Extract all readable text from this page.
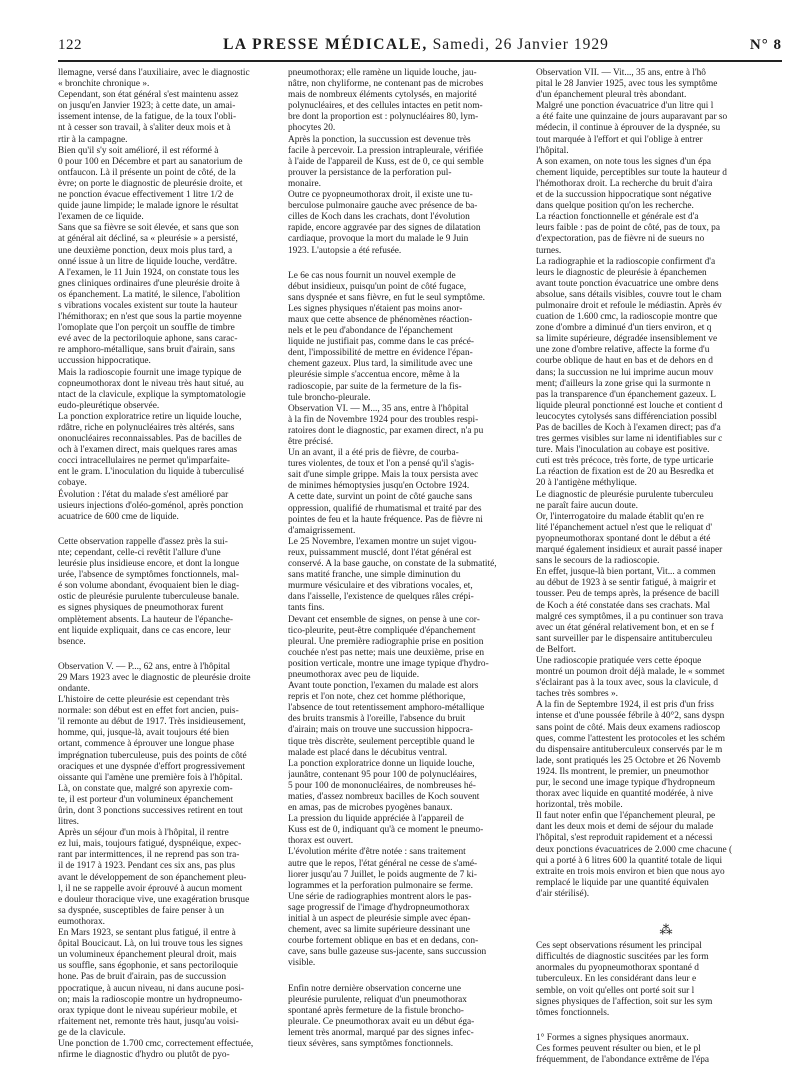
122	LA PRESSE MÉDICALE, Samedi, 26 Janvier 1929	N° 8

llemagne, versé dans l'auxiliaire, avec le diagnostic

« bronchite chronique ».

Cependant, son état général s'est maintenu assez

on jusqu'en Janvier 1923; à cette date, un amai-

issement intense, de la fatigue, de la toux l'obli-

nt à cesser son travail, à s'aliter deux mois et à

rtir à la campagne.

Bien qu'il s'y soit amélioré, il est réformé à

0 pour 100 en Décembre et part au sanatorium de

ontfaucon. Là il présente un point de côté, de la

èvre; on porte le diagnostic de pleurésie droite, et

ne ponction évacue effectivement 1 litre 1/2 de

quide jaune limpide; le malade ignore le résultat

l'examen de ce liquide.

Sans que sa fièvre se soit élevée, et sans que son

at général ait décliné, sa « pleurésie » a persisté,

une deuxième ponction, deux mois plus tard, a

onné issue à un litre de liquide louche, verdâtre.

A l'examen, le 11 Juin 1924, on constate tous les

gnes cliniques ordinaires d'une pleurésie droite à

os épanchement. La matité, le silence, l'abolition

s vibrations vocales existent sur toute la hauteur

l'hémithorax; en n'est que sous la partie moyenne

l'omoplate que l'on perçoit un souffle de timbre

evé avec de la pectoriloquie aphone, sans carac-

re amphoro-métallique, sans bruit d'airain, sans

uccussion hippocratique.

Mais la radioscopie fournit une image typique de

copneumothorax dont le niveau très haut situé, au

ntact de la clavicule, explique la symptomatologie

eudo-pleurétique observée.

La ponction exploratrice retire un liquide louche,

rdâtre, riche en polynucléaires très altérés, sans

ononucléaires reconnaissables. Pas de bacilles de

och à l'examen direct, mais quelques rares amas

cocci intracellulaires ne permet qu'imparfaite-

ent le gram. L'inoculation du liquide à tuberculisé

cobaye.

Évolution : l'état du malade s'est amélioré par

usieurs injections d'oléo-goménol, après ponction

acuatrice de 600 cme de liquide.

Cette observation rappelle d'assez près la sui-

nte; cependant, celle-ci revêtit l'allure d'une

leurésie plus insidieuse encore, et dont la longue

urée, l'absence de symptômes fonctionnels, mal-

é son volume abondant, évoquaient bien le diag-

ostic de pleurésie purulente tuberculeuse banale.

es signes physiques de pneumothorax furent

omplètement absents. La hauteur de l'épanche-

ent liquide expliquait, dans ce cas encore, leur

bsence.

Observation V. — P..., 62 ans, entre à l'hôpital

29 Mars 1923 avec le diagnostic de pleurésie droite

ondante.

L'histoire de cette pleurésie est cependant très

normale: son début est en effet fort ancien, puis-

'il remonte au début de 1917. Très insidieusement,

homme, qui, jusque-là, avait toujours été bien

ortant, commence à éprouver une longue phase

imprégnation tuberculeuse, puis des points de côté

oraciques et une dyspnée d'effort progressivement

oissante qui l'amène une première fois à l'hôpital.

Là, on constate que, malgré son apyrexie com-

te, il est porteur d'un volumineux épanchement

ûrin, dont 3 ponctions successives retirent en tout

litres.

Après un séjour d'un mois à l'hôpital, il rentre

ez lui, mais, toujours fatigué, dyspnéique, expec-

rant par intermittences, il ne reprend pas son tra-

il de 1917 à 1923. Pendant ces six ans, pas plus

avant le développement de son épanchement pleu-

l, il ne se rappelle avoir éprouvé à aucun moment

e douleur thoracique vive, une exagération brusque

sa dyspnée, susceptibles de faire penser à un

eumothorax.

En Mars 1923, se sentant plus fatigué, il entre à

ôpital Boucicaut. Là, on lui trouve tous les signes

un volumineux épanchement pleural droit, mais

us souffle, sans égophonie, et sans pectoriloquie

hone. Pas de bruit d'airain, pas de succussion

ppocratique, à aucun niveau, ni dans aucune posi-

on; mais la radioscopie montre un hydropneumo-

orax typique dont le niveau supérieur mobile, et

rfaitement net, remonte très haut, jusqu'au voisi-

ge de la clavicule.

Une ponction de 1.700 cmc, correctement effectuée,

nfirme le diagnostic d'hydro ou plutôt de pyo-

pneumothorax; elle ramène un liquide louche, jau-

nâtre, non chyliforme, ne contenant pas de microbes

mais de nombreux éléments cytolysés, en majorité

polynucléaires, et des cellules intactes en petit nom-

bre dont la proportion est : polynucléaires 80, lym-

phocytes 20.

Après la ponction, la succussion est devenue très

facile à percevoir. La pression intrapleurale, vérifiée

à l'aide de l'appareil de Kuss, est de 0, ce qui semble

prouver la persistance de la perforation pul-

monaire.

Outre ce pyopneumothorax droit, il existe une tu-

berculose pulmonaire gauche avec présence de ba-

cilles de Koch dans les crachats, dont l'évolution

rapide, encore aggravée par des signes de dilatation

cardiaque, provoque la mort du malade le 9 Juin

1923. L'autopsie a été refusée.

Le 6e cas nous fournit un nouvel exemple de

début insidieux, puisqu'un point de côté fugace,

sans dyspnée et sans fièvre, en fut le seul symptôme.

Les signes physiques n'étaient pas moins anor-

maux que cette absence de phénomènes réaction-

nels et le peu d'abondance de l'épanchement

liquide ne justifiait pas, comme dans le cas précé-

dent, l'impossibilité de mettre en évidence l'épan-

chement gazeux. Plus tard, la similitude avec une

pleurésie simple s'accentua encore, même à la

radioscopie, par suite de la fermeture de la fis-

tule broncho-pleurale.

Observation VI. — M..., 35 ans, entre à l'hôpital

à la fin de Novembre 1924 pour des troubles respi-

ratoires dont le diagnostic, par examen direct, n'a pu

être précisé.

Un an avant, il a été pris de fièvre, de courba-

tures violentes, de toux et l'on a pensé qu'il s'agis-

sait d'une simple grippe. Mais la toux persista avec

de minimes hémoptysies jusqu'en Octobre 1924.

A cette date, survint un point de côté gauche sans

oppression, qualifié de rhumatismal et traité par des

pointes de feu et la haute fréquence. Pas de fièvre ni

d'amaigrissement.

Le 25 Novembre, l'examen montre un sujet vigou-

reux, puissamment musclé, dont l'état général est

conservé. A la base gauche, on constate de la submatité,

sans matité franche, une simple diminution du

murmure vésiculaire et des vibrations vocales, et,

dans l'aisselle, l'existence de quelques râles crépi-

tants fins.

Devant cet ensemble de signes, on pense à une cor-

tico-pleurite, peut-être compliquée d'épanchement

pleural. Une première radiographie prise en position

couchée n'est pas nette; mais une deuxième, prise en

position verticale, montre une image typique d'hydro-

pneumothorax avec peu de liquide.

Avant toute ponction, l'examen du malade est alors

repris et l'on note, chez cet homme pléthorique,

l'absence de tout retentissement amphoro-métallique

des bruits transmis à l'oreille, l'absence du bruit

d'airain; mais on trouve une succussion hippocra-

tique très discrète, seulement perceptible quand le

malade est placé dans le décubitus ventral.

La ponction exploratrice donne un liquide louche,

jaunâtre, contenant 95 pour 100 de polynucléaires,

5 pour 100 de mononucléaires, de nombreuses hé-

maties, d'assez nombreux bacilles de Koch souvent

en amas, pas de microbes pyogènes banaux.

La pression du liquide appréciée à l'appareil de

Kuss est de 0, indiquant qu'à ce moment le pneumo-

thorax est ouvert.

L'évolution mérite d'être notée : sans traitement

autre que le repos, l'état général ne cesse de s'amé-

liorer jusqu'au 7 Juillet, le poids augmente de 7 ki-

logrammes et la perforation pulmonaire se ferme.

Une série de radiographies montrent alors le pas-

sage progressif de l'image d'hydropneumothorax

initial à un aspect de pleurésie simple avec épan-

chement, avec sa limite supérieure dessinant une

courbe fortement oblique en bas et en dedans, con-

cave, sans bulle gazeuse sus-jacente, sans succussion

visible.

Enfin notre dernière observation concerne une

pleurésie purulente, reliquat d'un pneumothorax

spontané après fermeture de la fistule broncho-

pleurale. Ce pneumothorax avait eu un début éga-

lement très anormal, marqué par des signes infec-

tieux sévères, sans symptômes fonctionnels.

Observation VII. — Vit..., 35 ans, entre à l'hô

pital le 28 Janvier 1925, avec tous les symptôme

d'un épanchement pleural très abondant.

Malgré une ponction évacuatrice d'un litre qui l

a été faite une quinzaine de jours auparavant par so

médecin, il continue à éprouver de la dyspnée, su

tout marquée à l'effort et qui l'oblige à entrer

l'hôpital.

A son examen, on note tous les signes d'un épa

chement liquide, perceptibles sur toute la hauteur d

l'hémothorax droit. La recherche du bruit d'aira

et de la succussion hippocratique sont négative

dans quelque position qu'on les recherche.

La réaction fonctionnelle et générale est d'a

leurs faible : pas de point de côté, pas de toux, pa

d'expectoration, pas de fièvre ni de sueurs no

turnes.

La radiographie et la radioscopie confirment d'a

leurs le diagnostic de pleurésie à épanchemen

avant toute ponction évacuatrice une ombre dens

absolue, sans détails visibles, couvre tout le cham

pulmonaire droit et refoule le médiastin. Après év

cuation de 1.600 cmc, la radioscopie montre que

zone d'ombre a diminué d'un tiers environ, et q

sa limite supérieure, dégradée insensiblement ve

une zone d'ombre relative, affecte la forme d'u

courbe oblique de haut en bas et de dehors en d

dans; la succussion ne lui imprime aucun mouv

ment; d'ailleurs la zone grise qui la surmonte n

pas la transparence d'un épanchement gazeux. L

liquide pleural ponctionné est louche et contient d

leucocytes cytolysés sans différenciation possibl

Pas de bacilles de Koch à l'examen direct; pas d'a

tres germes visibles sur lame ni identifiables sur c

ture. Mais l'inoculation au cobaye est positive.

cuti est très précoce, très forte, de type urticarie

La réaction de fixation est de 20 au Besredka et

20 à l'antigène méthylique.

Le diagnostic de pleurésie purulente tuberculeu

ne paraît faire aucun doute.

Or, l'interrogatoire du malade établit qu'en re

lité l'épanchement actuel n'est que le reliquat d'

pyopneumothorax spontané dont le début a été

marqué également insidieux et aurait passé inaper

sans le secours de la radioscopie.

En effet, jusque-là bien portant, Vit... a commen

au début de 1923 à se sentir fatigué, à maigrir et

tousser. Peu de temps après, la présence de bacill

de Koch a été constatée dans ses crachats. Mal

malgré ces symptômes, il a pu continuer son trava

avec un état général relativement bon, et en se f

sant surveiller par le dispensaire antituberculeu

de Belfort.

Une radioscopie pratiquée vers cette époque

montré un poumon droit déjà malade, le « sommet

s'éclairant pas à la toux avec, sous la clavicule, d

taches très sombres ».

A la fin de Septembre 1924, il est pris d'un friss

intense et d'une poussée fébrile à 40°2, sans dyspn

sans point de côté. Mais deux examens radioscop

ques, comme l'attestent les protocoles et les schém

du dispensaire antituberculeux conservés par le m

lade, sont pratiqués les 25 Octobre et 26 Novemb

1924. Ils montrent, le premier, un pneumothor

pur, le second une image typique d'hydropneum

thorax avec liquide en quantité modérée, à nive

horizontal, très mobile.

Il faut noter enfin que l'épanchement pleural, pe

dant les deux mois et demi de séjour du malade

l'hôpital, s'est reproduit rapidement et a nécessi

deux ponctions évacuatrices de 2.000 cme chacune (

qui a porté à 6 litres 600 la quantité totale de liqui

extraite en trois mois environ et bien que nous ayo

remplacé le liquide par une quantité équivalen

d'air stérilisé).

⁂

Ces sept observations résument les principal

difficultés de diagnostic suscitées par les form

anormales du pyopneumothorax spontané d

tuberculeux. En les considérant dans leur e

semble, on voit qu'elles ont porté soit sur l

signes physiques de l'affection, soit sur les sym

tômes fonctionnels.

1° Formes a signes physiques anormaux.

Ces formes peuvent résulter ou bien, et le pl

fréquemment, de l'abondance extrême de l'épa
